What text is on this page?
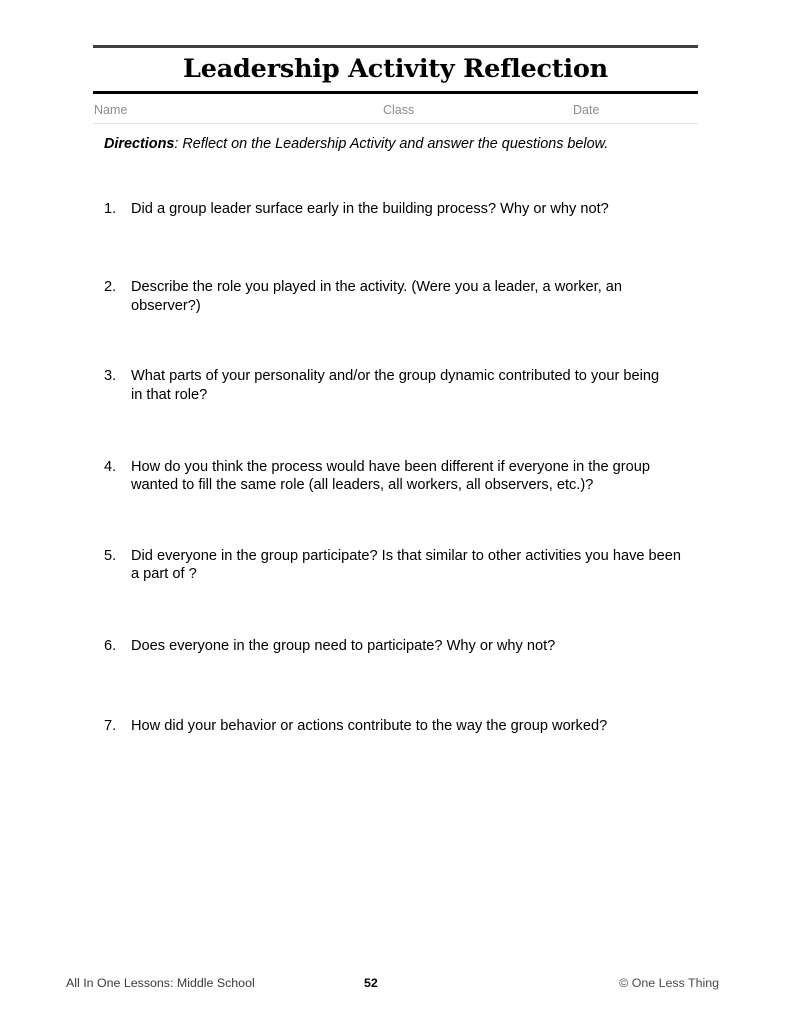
Leadership Activity Reflection
Name	Class	Date
Directions: Reflect on the Leadership Activity and answer the questions below.
1.	Did a group leader surface early in the building process? Why or why not?
2.	Describe the role you played in the activity. (Were you a leader, a worker, an observer?)
3.	What parts of your personality and/or the group dynamic contributed to your being in that role?
4.	How do you think the process would have been different if everyone in the group wanted to fill the same role (all leaders, all workers, all observers, etc.)?
5.	Did everyone in the group participate? Is that similar to other activities you have been a part of ?
6.	Does everyone in the group need to participate? Why or why not?
7.	How did your behavior or actions contribute to the way the group worked?
All In One Lessons: Middle School	52	© One Less Thing
